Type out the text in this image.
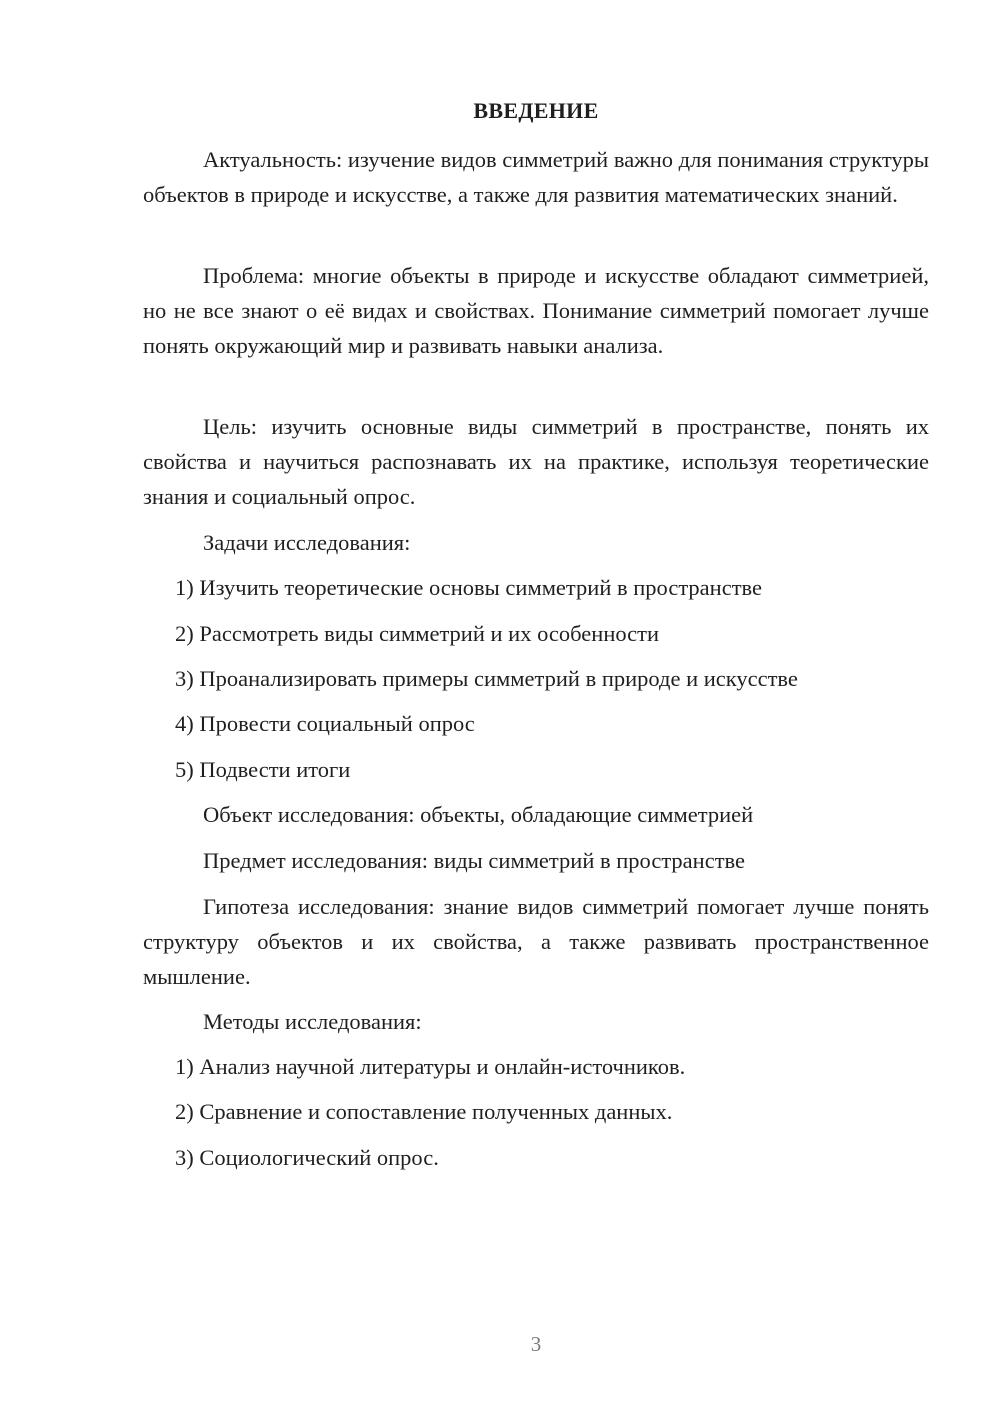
ВВЕДЕНИЕ
Актуальность: изучение видов симметрий важно для понимания структуры объектов в природе и искусстве, а также для развития математических знаний.
Проблема: многие объекты в природе и искусстве обладают симметрией, но не все знают о её видах и свойствах. Понимание симметрий помогает лучше понять окружающий мир и развивать навыки анализа.
Цель: изучить основные виды симметрий в пространстве, понять их свойства и научиться распознавать их на практике, используя теоретические знания и социальный опрос.
Задачи исследования:
1) Изучить теоретические основы симметрий в пространстве
2) Рассмотреть виды симметрий и их особенности
3) Проанализировать примеры симметрий в природе и искусстве
4) Провести социальный опрос
5) Подвести итоги
Объект исследования: объекты, обладающие симметрией
Предмет исследования: виды симметрий в пространстве
Гипотеза исследования: знание видов симметрий помогает лучше понять структуру объектов и их свойства, а также развивать пространственное мышление.
Методы исследования:
1) Анализ научной литературы и онлайн-источников.
2) Сравнение и сопоставление полученных данных.
3) Социологический опрос.
3
